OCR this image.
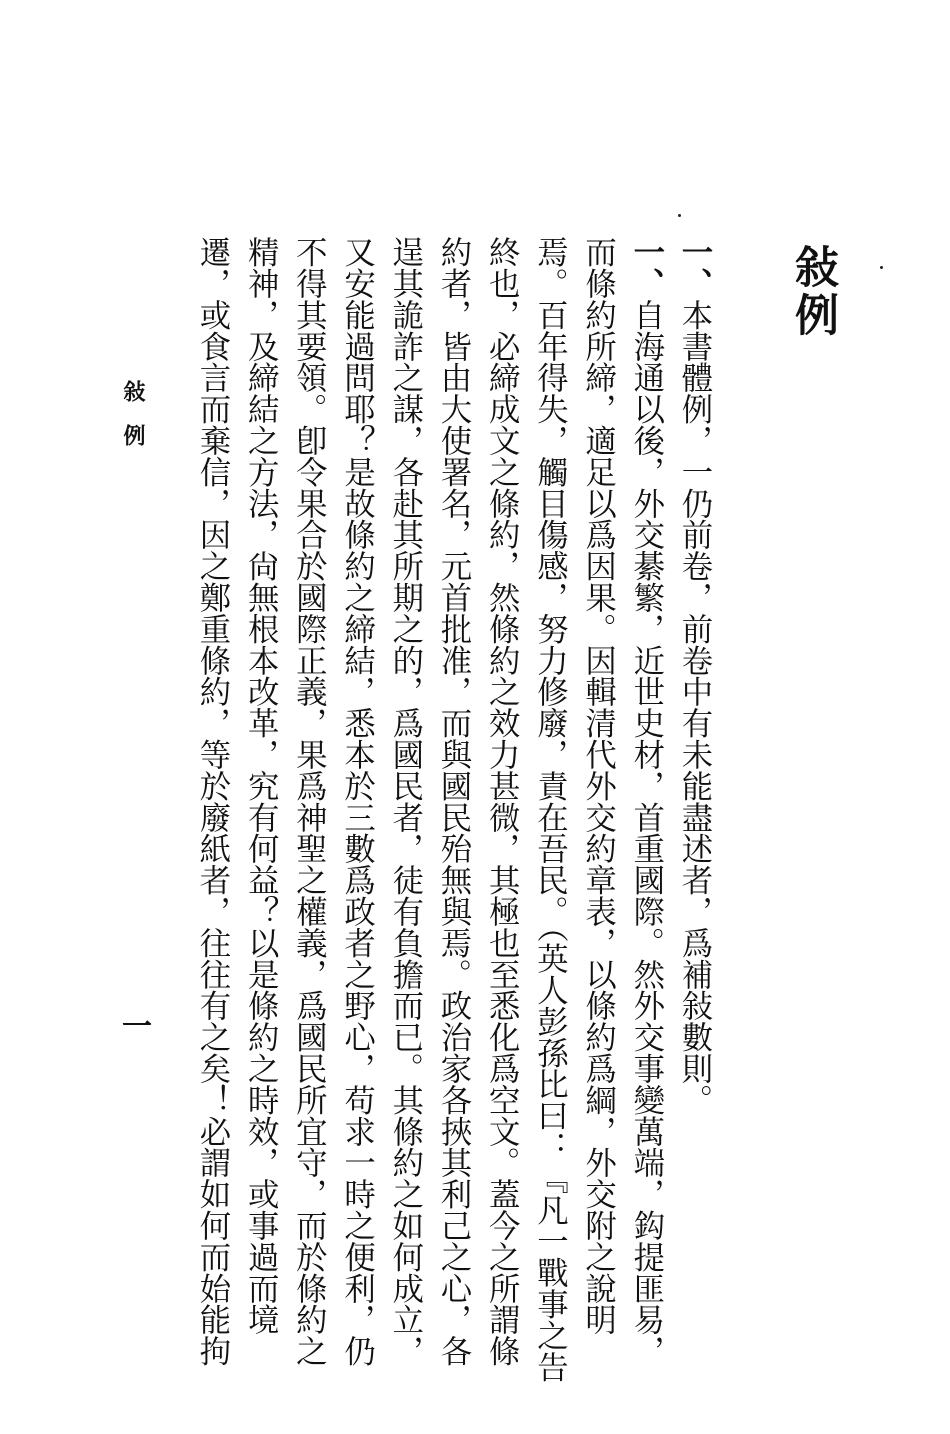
敍例
一、本書體例，一仍前卷，前卷中有未能盡述者，爲補敍數則。
一、自海通以後，外交綦繁，近世史材，首重國際。然外交事變萬端，鈎提匪易，而條約所締，適足以爲因果。因輯清代外交約章表，以條約爲綱，外交附之說明焉。百年得失，觸目傷感，努力修廢，責在吾民。（英人彭孫比曰：『凡一戰事之告終也，必締成文之條約，然條約之效力甚微，其極也至悉化爲空文。蓋今之所謂條約者，皆由大使署名，元首批准，而與國民殆無與焉。政治家各挾其利己之心，各逞其詭詐之謀，各赴其所期之的，爲國民者，徒有負擔而已。其條約之如何成立，又安能過問耶？是故條約之締結，悉本於三數爲政者之野心，苟求一時之便利，仍不得其要領。卽令果合於國際正義，果爲神聖之權義，爲國民所宜守，而於條約之精神，及締結之方法，尙無根本改革，究有何益？以是條約之時效，或事過而境遷，或食言而棄信，因之鄭重條約，等於廢紙者，往往有之矣！必謂如何而始能拘
敍例
一
